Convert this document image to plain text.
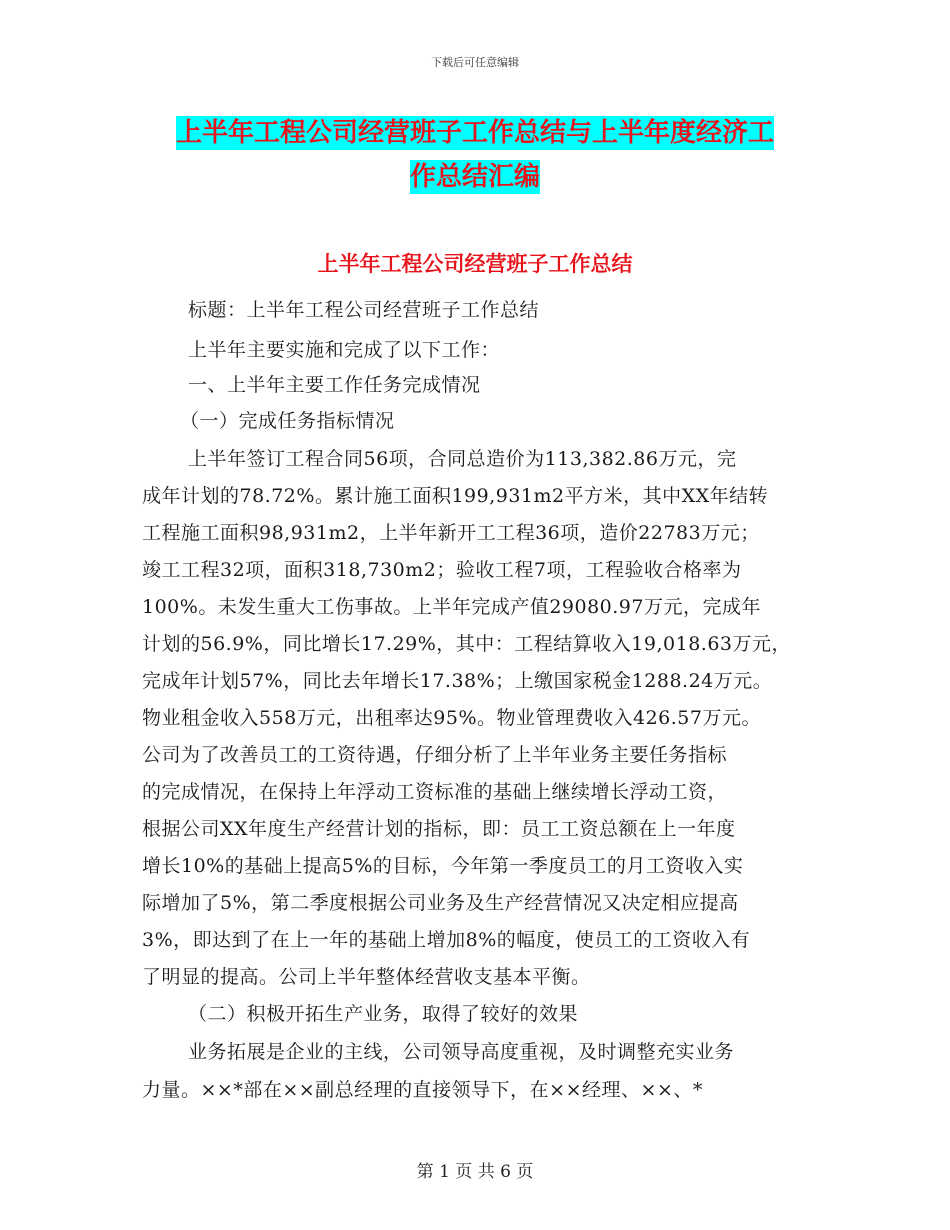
下载后可任意编辑
上半年工程公司经营班子工作总结与上半年度经济工
作总结汇编
上半年工程公司经营班子工作总结
标题：上半年工程公司经营班子工作总结
上半年主要实施和完成了以下工作：
一、上半年主要工作任务完成情况
（一）完成任务指标情况
上半年签订工程合同56项，合同总造价为113,382.86万元，完
成年计划的78.72%。累计施工面积199,931m2平方米，其中XX年结转
工程施工面积98,931m2，上半年新开工工程36项，造价22783万元；
竣工工程32项，面积318,730m2；验收工程7项，工程验收合格率为
100%。未发生重大工伤事故。上半年完成产值29080.97万元，完成年
计划的56.9%，同比增长17.29%，其中：工程结算收入19,018.63万元，
完成年计划57%，同比去年增长17.38%；上缴国家税金1288.24万元。
物业租金收入558万元，出租率达95%。物业管理费收入426.57万元。
公司为了改善员工的工资待遇，仔细分析了上半年业务主要任务指标
的完成情况，在保持上年浮动工资标准的基础上继续增长浮动工资，
根据公司XX年度生产经营计划的指标，即：员工工资总额在上一年度
增长10%的基础上提高5%的目标，今年第一季度员工的月工资收入实
际增加了5%，第二季度根据公司业务及生产经营情况又决定相应提高
3%，即达到了在上一年的基础上增加8%的幅度，使员工的工资收入有
了明显的提高。公司上半年整体经营收支基本平衡。
（二）积极开拓生产业务，取得了较好的效果
业务拓展是企业的主线，公司领导高度重视，及时调整充实业务
力量。××*部在××副总经理的直接领导下，在××经理、××、*
第 1 页 共 6 页
